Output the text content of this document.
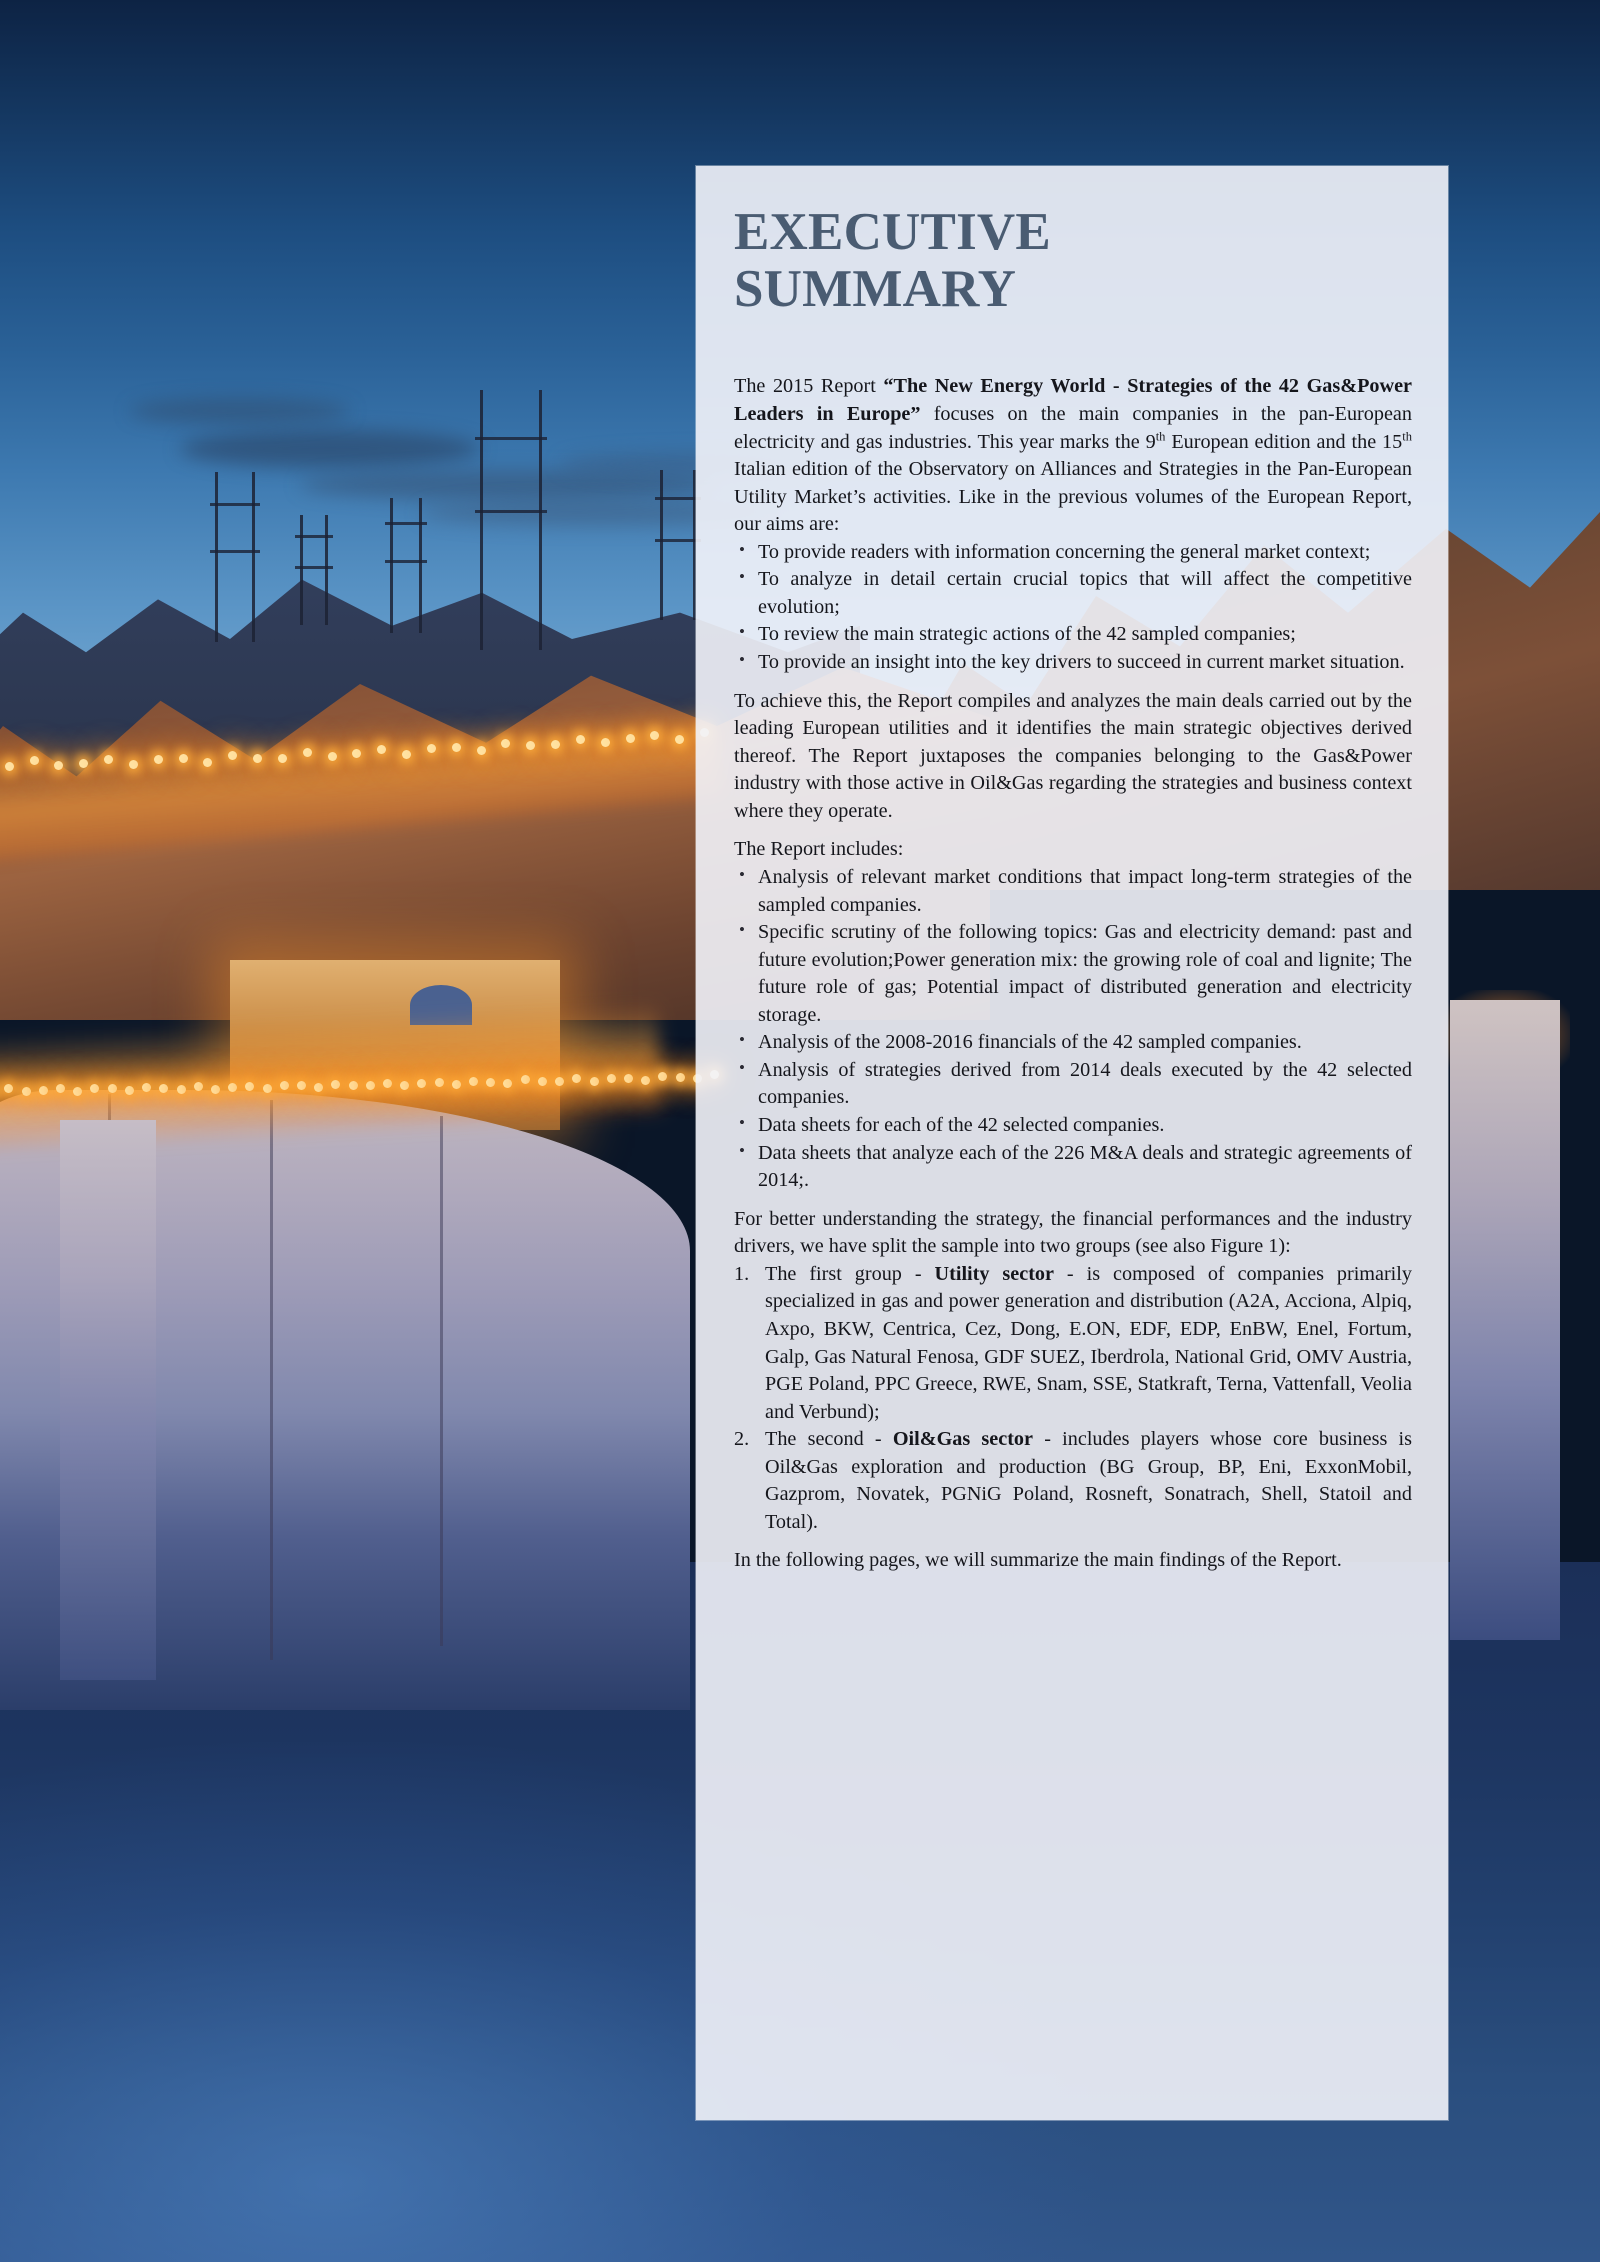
EXECUTIVE
SUMMARY

The 2015 Report “The New Energy World - Strategies of the 42 Gas&Power Leaders in Europe” focuses on the main companies in the pan-European electricity and gas industries. This year marks the 9th European edition and the 15th Italian edition of the Observatory on Alliances and Strategies in the Pan-European Utility Market’s activities. Like in the previous volumes of the European Report, our aims are:

• To provide readers with information concerning the general market context;
• To analyze in detail certain crucial topics that will affect the competitive evolution;
• To review the main strategic actions of the 42 sampled companies;
• To provide an insight into the key drivers to succeed in current market situation.

To achieve this, the Report compiles and analyzes the main deals carried out by the leading European utilities and it identifies the main strategic objectives derived thereof. The Report juxtaposes the companies belonging to the Gas&Power industry with those active in Oil&Gas regarding the strategies and business context where they operate.

The Report includes:

• Analysis of relevant market conditions that impact long-term strategies of the sampled companies.
• Specific scrutiny of the following topics: Gas and electricity demand: past and future evolution;Power generation mix: the growing role of coal and lignite; The future role of gas; Potential impact of distributed generation and electricity storage.
• Analysis of the 2008-2016 financials of the 42 sampled companies.
• Analysis of strategies derived from 2014 deals executed by the 42 selected companies.
• Data sheets for each of the 42 selected companies.
• Data sheets that analyze each of the 226 M&A deals and strategic agreements of 2014;.

For better understanding the strategy, the financial performances and the industry drivers, we have split the sample into two groups (see also Figure 1):

The first group - Utility sector - is composed of companies primarily specialized in gas and power generation and distribution (A2A, Acciona, Alpiq, Axpo, BKW, Centrica, Cez, Dong, E.ON, EDF, EDP, EnBW, Enel, Fortum, Galp, Gas Natural Fenosa, GDF SUEZ, Iberdrola, National Grid, OMV Austria, PGE Poland, PPC Greece, RWE, Snam, SSE, Statkraft, Terna, Vattenfall, Veolia and Verbund);
The second - Oil&Gas sector - includes players whose core business is Oil&Gas exploration and production (BG Group, BP, Eni, ExxonMobil, Gazprom, Novatek, PGNiG Poland, Rosneft, Sonatrach, Shell, Statoil and Total).

In the following pages, we will summarize the main findings of the Report.
